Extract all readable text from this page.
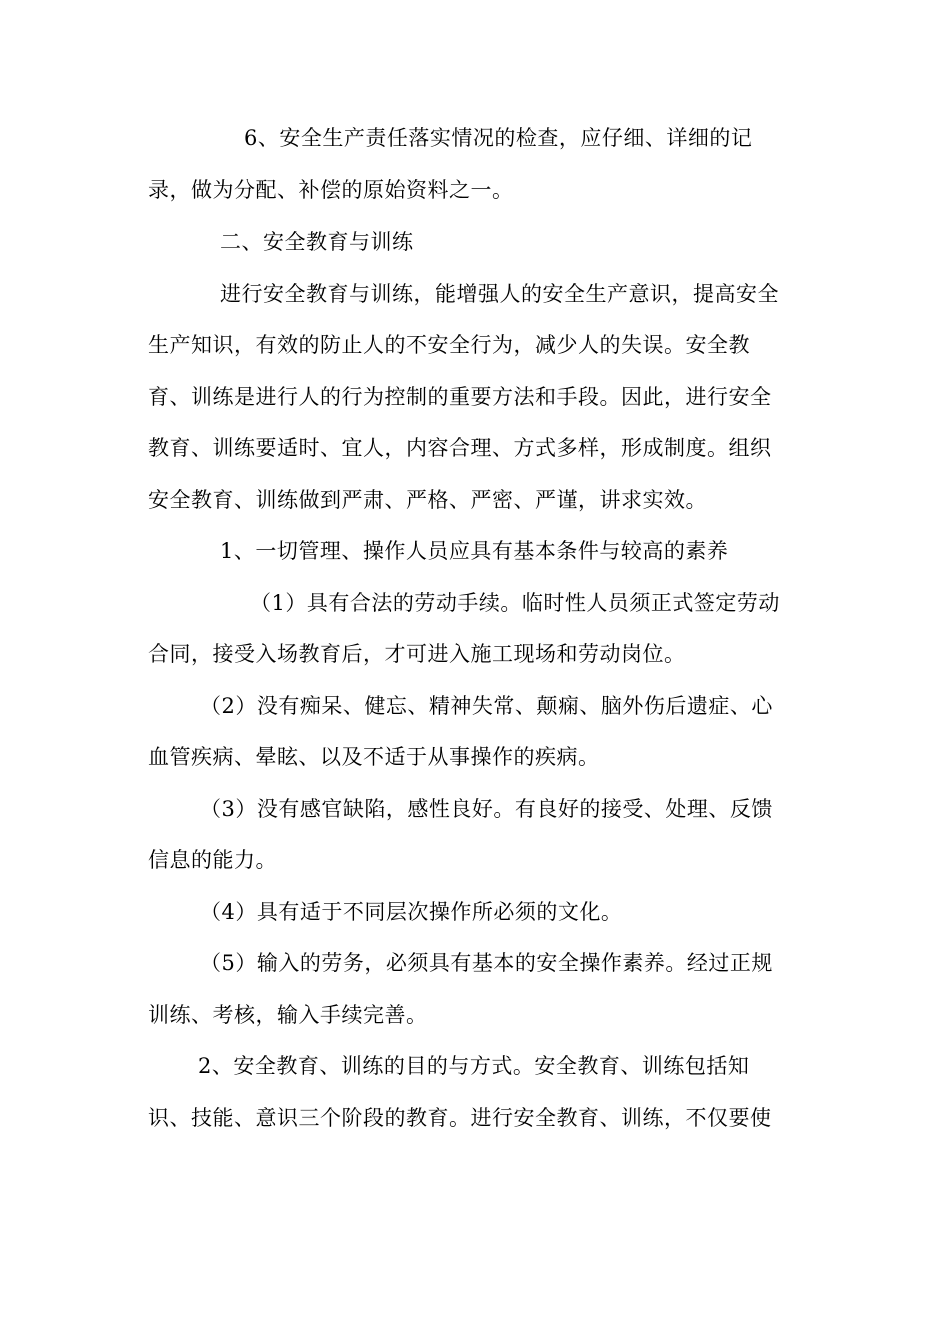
6、安全生产责任落实情况的检查，应仔细、详细的记
录，做为分配、补偿的原始资料之一。
二、安全教育与训练
进行安全教育与训练，能增强人的安全生产意识，提高安全
生产知识，有效的防止人的不安全行为，减少人的失误。安全教
育、训练是进行人的行为控制的重要方法和手段。因此，进行安全
教育、训练要适时、宜人，内容合理、方式多样，形成制度。组织
安全教育、训练做到严肃、严格、严密、严谨，讲求实效。
1、一切管理、操作人员应具有基本条件与较高的素养
（1）具有合法的劳动手续。临时性人员须正式签定劳动
合同，接受入场教育后，才可进入施工现场和劳动岗位。
（2）没有痴呆、健忘、精神失常、颠痫、脑外伤后遗症、心
血管疾病、晕眩、以及不适于从事操作的疾病。
（3）没有感官缺陷，感性良好。有良好的接受、处理、反馈
信息的能力。
（4）具有适于不同层次操作所必须的文化。
（5）输入的劳务，必须具有基本的安全操作素养。经过正规
训练、考核，输入手续完善。
2、安全教育、训练的目的与方式。安全教育、训练包括知
识、技能、意识三个阶段的教育。进行安全教育、训练，不仅要使
